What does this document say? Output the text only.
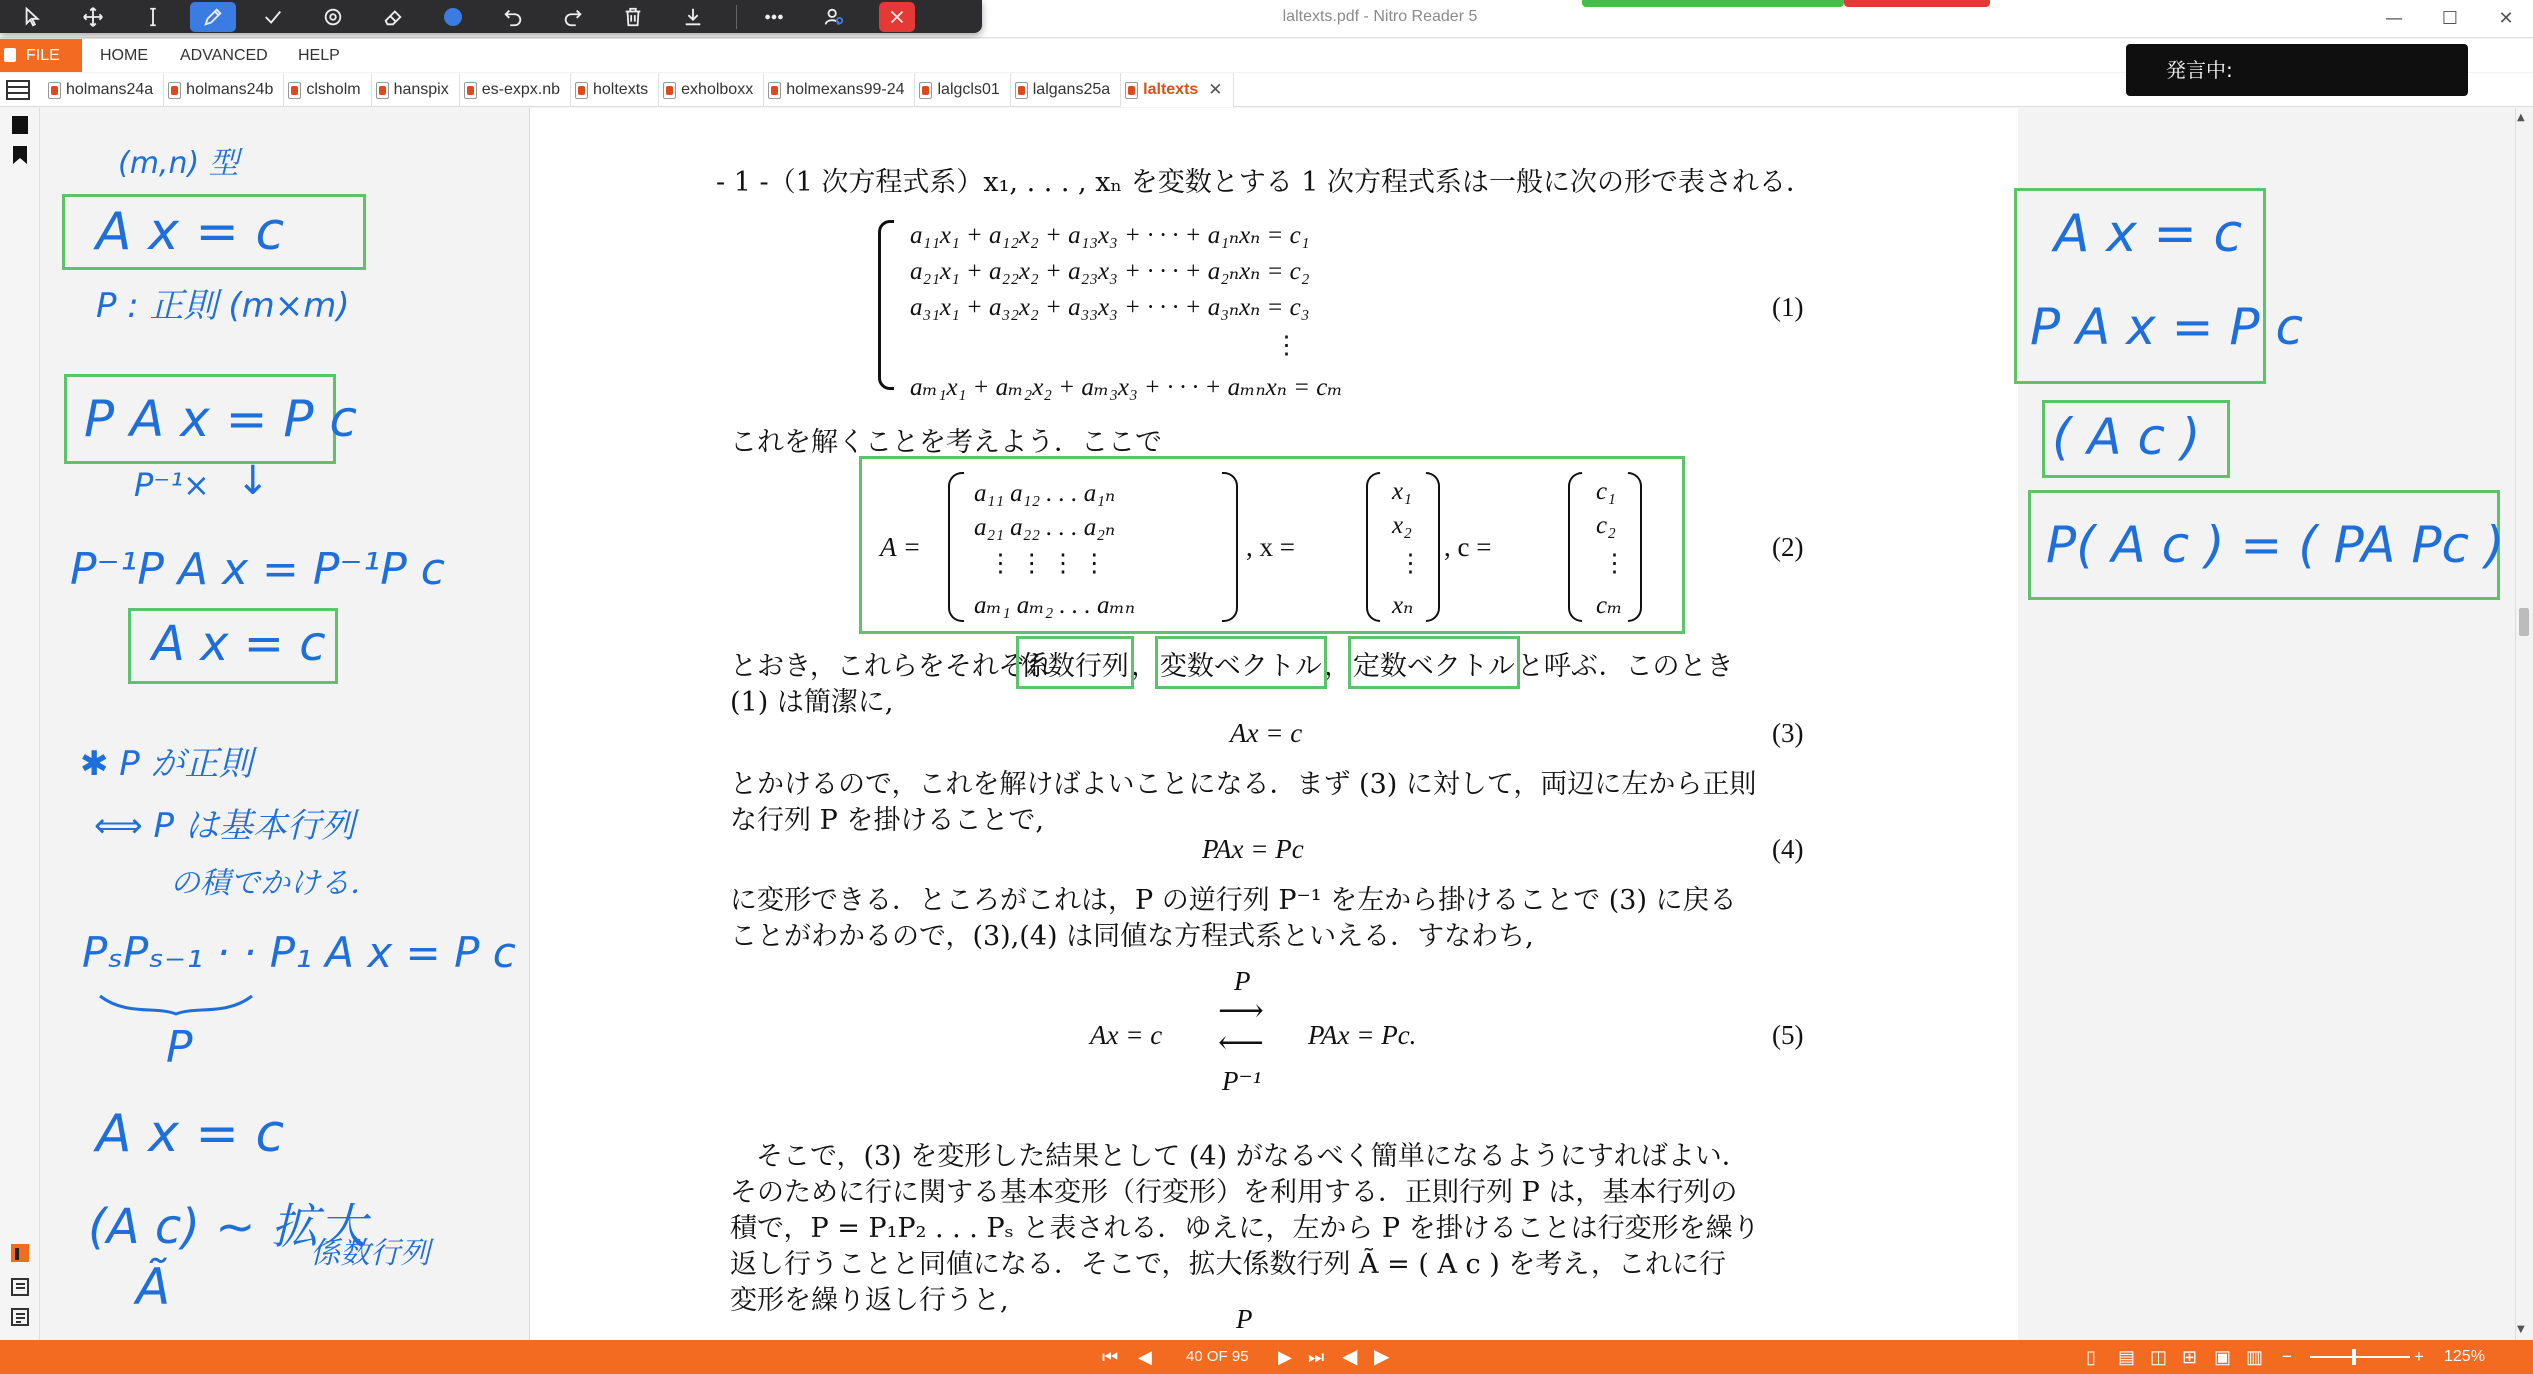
laltexts.pdf - Nitro Reader 5	—	☐	✕
FILE	HOME ADVANCED HELP
holmans24a holmans24b clsholm hanspix es-expx.nb holtexts exholboxx holmexans99-24 lalgcls01 lalgans25a laltexts ✕
発言中:
(m,n) 型
A x = c
P : 正則 (m×m)
P A x = P c
P⁻¹× ↓
P⁻¹P A x = P⁻¹P c
A x = c
✱ P が正則
⟺ P は基本行列
の積でかける．
PₛPₛ₋₁ · · P₁ A x = P c
P
A x = c
(A c) ~ 拡大
係数行列
Ã
- 1 -（1 次方程式系）x₁, . . . , xₙ を変数とする 1 次方程式系は一般に次の形で表される．
a₁₁x₁ + a₁₂x₂ + a₁₃x₃ + · · · + a₁ₙxₙ = c₁
a₂₁x₁ + a₂₂x₂ + a₂₃x₃ + · · · + a₂ₙxₙ = c₂
a₃₁x₁ + a₃₂x₂ + a₃₃x₃ + · · · + a₃ₙxₙ = c₃
⋮
aₘ₁x₁ + aₘ₂x₂ + aₘ₃x₃ + · · · + aₘₙxₙ = cₘ
(1)
これを解くことを考えよう．ここで
A =
a₁₁ a₁₂ . . . a₁ₙ
a₂₁ a₂₂ . . . a₂ₙ
⋮ ⋮ ⋮ ⋮
aₘ₁ aₘ₂ . . . aₘₙ
, x =
x₁
x₂
⋮
xₙ
, c =
c₁
c₂
⋮
cₘ
(2)
とおき，これらをそれぞれ
係数行列，
変数ベクトル，
定数ベクトルと呼ぶ．このとき
(1) は簡潔に,
Ax = c	(3)
とかけるので，これを解けばよいことになる．まず (3) に対して，両辺に左から正則
な行列 P を掛けることで,
PAx = Pc	(4)
に変形できる．ところがこれは，P の逆行列 P⁻¹ を左から掛けることで (3) に戻る
ことがわかるので，(3),(4) は同値な方程式系といえる．すなわち,
P
Ax = c
⟶
⟵ PAx = Pc.
P⁻¹
(5)
そこで，(3) を変形した結果として (4) がなるべく簡単になるようにすればよい．
そのために行に関する基本変形（行変形）を利用する．正則行列 P は，基本行列の
積で，P = P₁P₂ . . . Pₛ と表される．ゆえに，左から P を掛けることは行変形を繰り
返し行うことと同値になる．そこで，拡大係数行列 Ã = ( A c ) を考え，これに行
変形を繰り返し行うと,
P
A x = c
P A x = P c
( A c )
P( A c ) = ( PA Pc )
▲
▼
⏮ ◀ 40 OF 95 ▶ ⏭ ◀ ▶	▯ ▤ ◫ ⊞ ▣ ▥ −	+ 125%
